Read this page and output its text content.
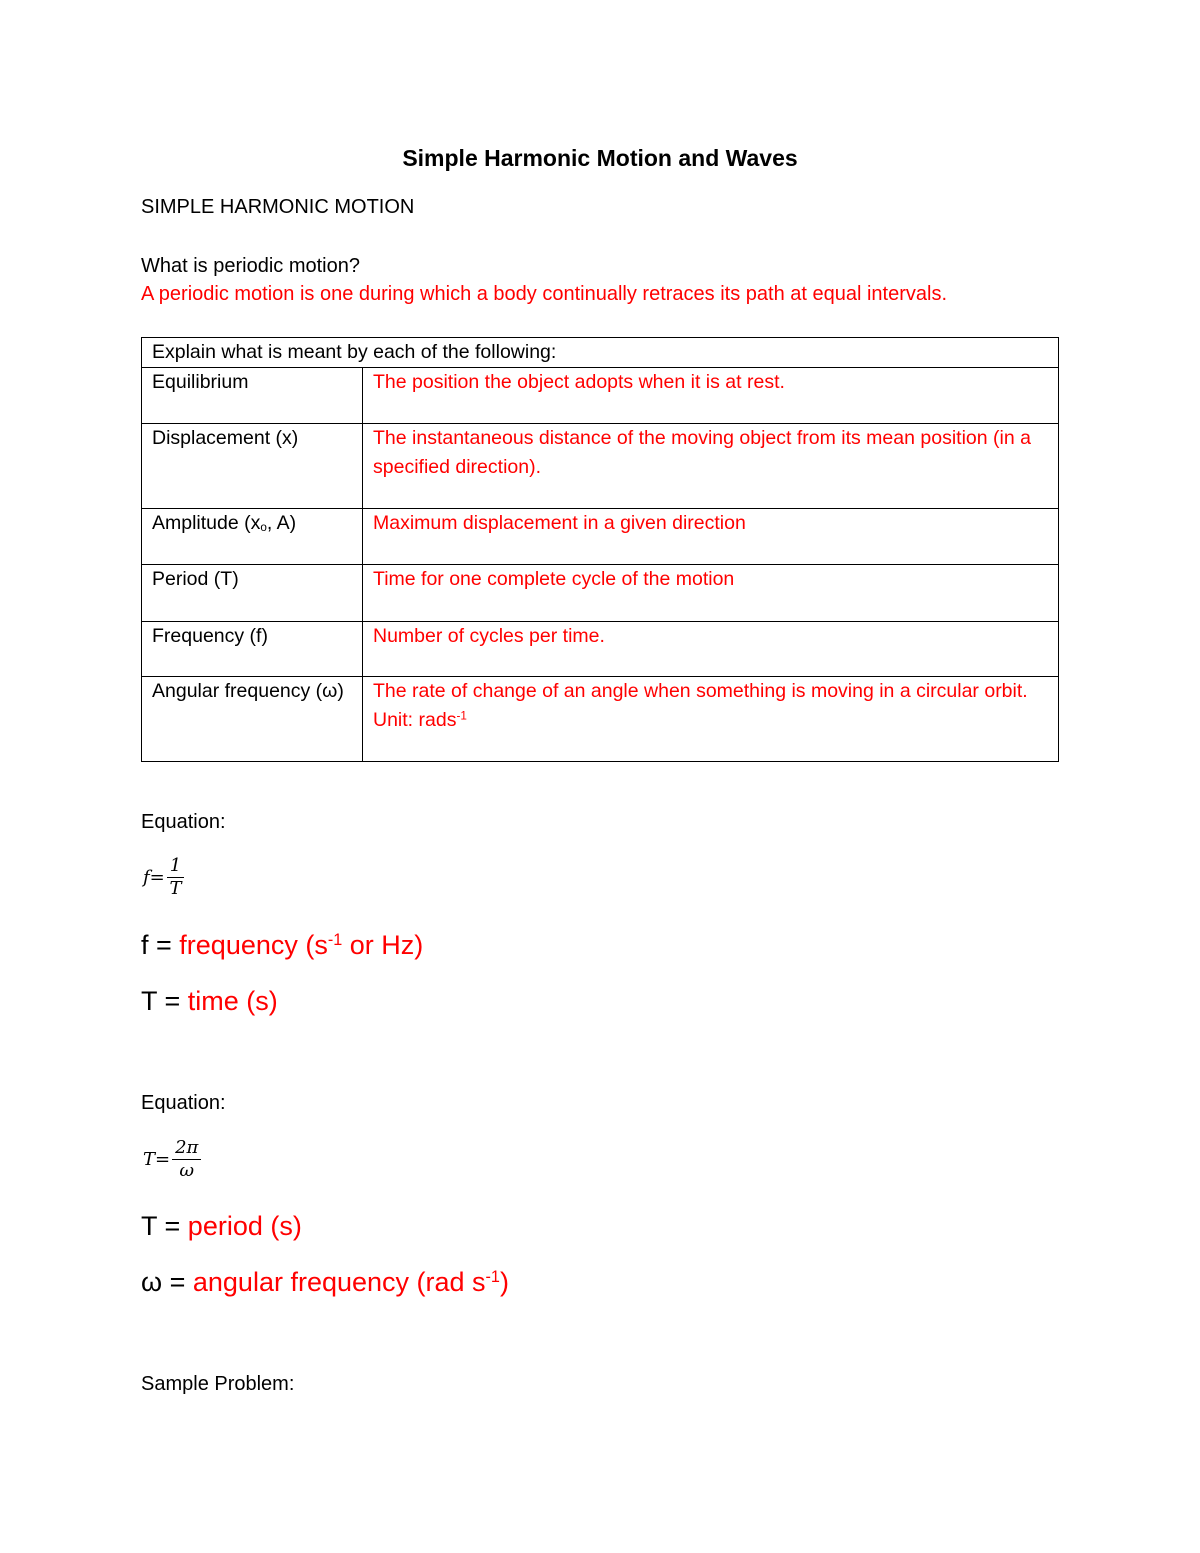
Simple Harmonic Motion and Waves
SIMPLE HARMONIC MOTION
What is periodic motion?
A periodic motion is one during which a body continually retraces its path at equal intervals.
Explain what is meant by each of the following:	
Equilibrium	The position the object adopts when it is at rest.
Displacement (x)	The instantaneous distance of the moving object from its mean position (in a specified direction).
Amplitude ($x_o$, A)	Maximum displacement in a given direction
Period (T)	Time for one complete cycle of the motion
Frequency (f)	Number of cycles per time.
Angular frequency (ω)	The rate of change of an angle when something is moving in a circular orbit. Unit: rads$^{-1}$
Equation:
$f = \frac{1}{T}$
f = frequency ($s^{-1}$ or Hz)
T = time (s)
Equation:
$T = \frac{2\pi}{\omega}$
T = period (s)
ω = angular frequency (rad $s^{-1}$)
Sample Problem:
